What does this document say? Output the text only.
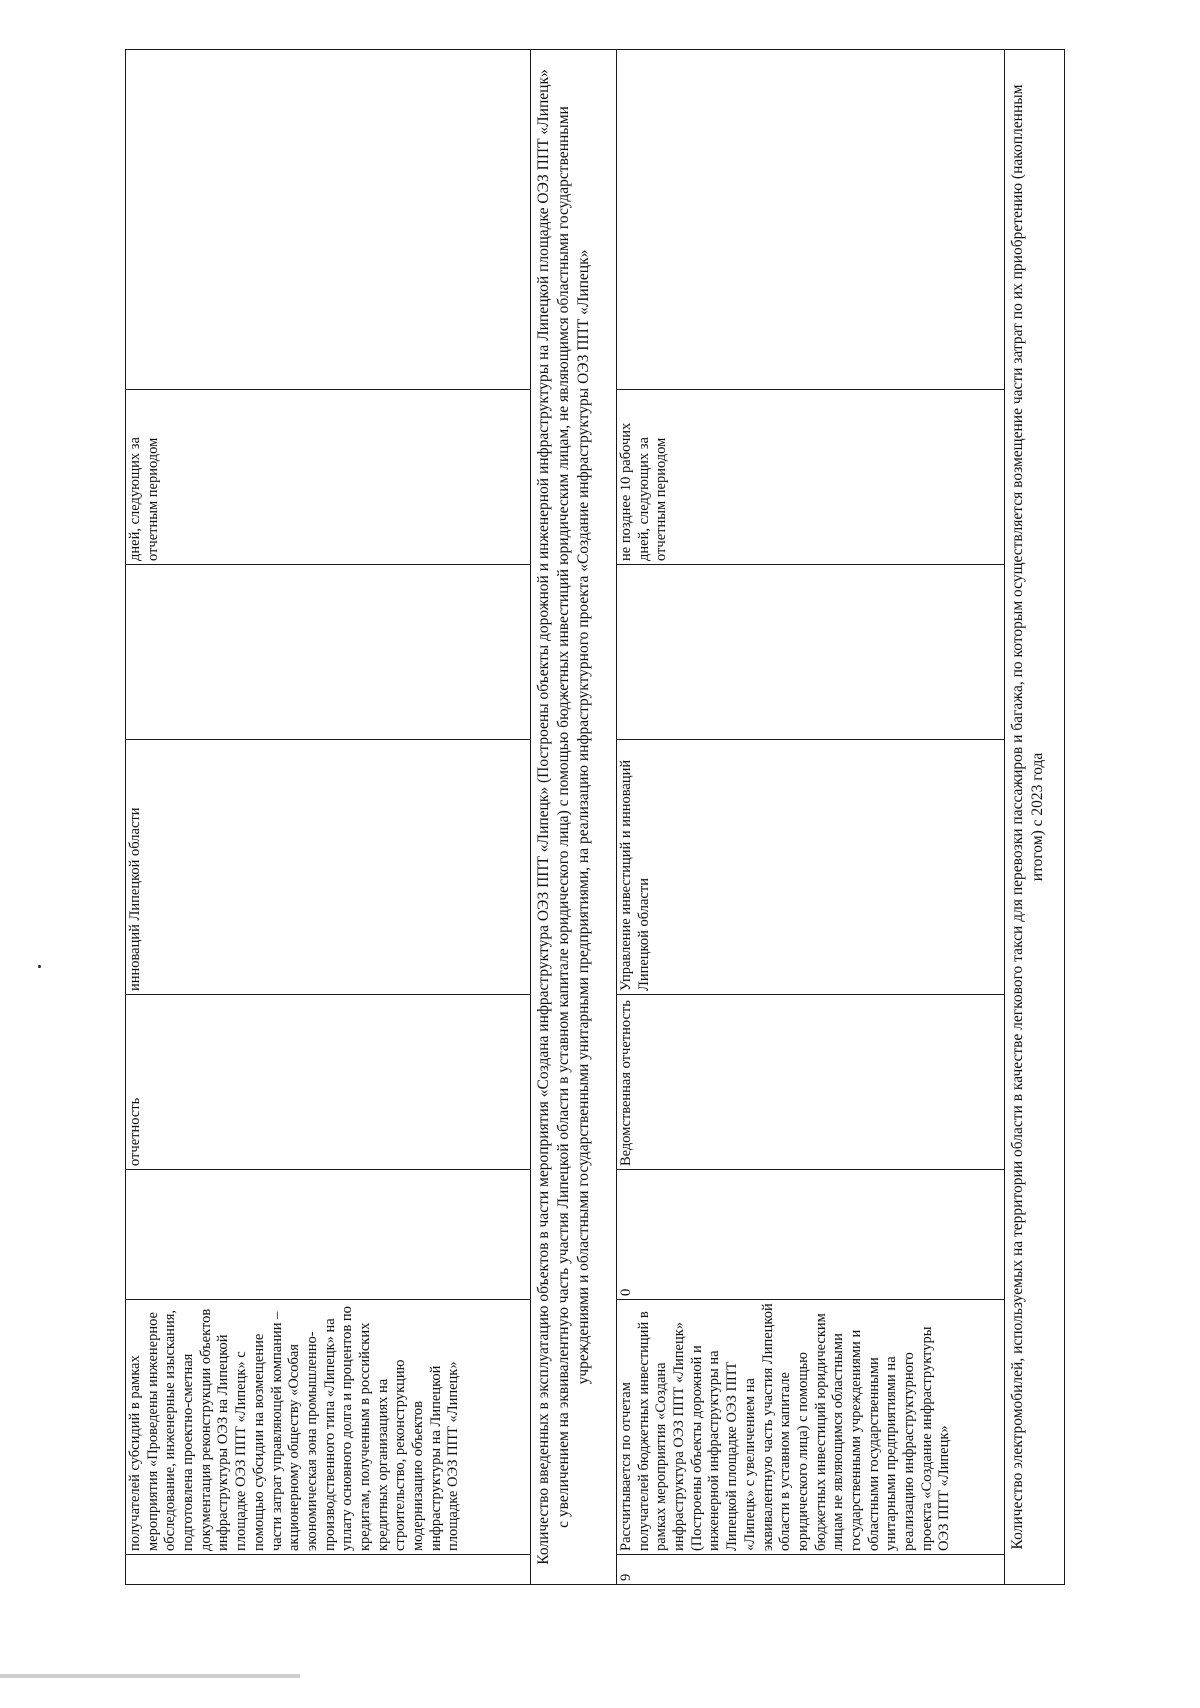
	получателей субсидий в рамках мероприятия «Проведены инженерное обследование, инженерные изыскания, подготовлена проектно-сметная документация реконструкции объектов инфраструктуры ОЭЗ на Липецкой площадке ОЭЗ ППТ «Липецк» с помощью субсидии на возмещение части затрат управляющей компании – акционерному обществу «Особая экономическая зона промышленно-производственного типа «Липецк» на уплату основного долга и процентов по кредитам, полученным в российских кредитных организациях на строительство, реконструкцию модернизацию объектов инфраструктуры на Липецкой площадке ОЭЗ ППТ «Липецк»		отчетность	инноваций Липецкой области		дней, следующих за отчетным периодом	
Количество введенных в эксплуатацию объектов в части мероприятия «Создана инфраструктура ОЭЗ ППТ «Липецк» (Построены объекты дорожной и инженерной инфраструктуры на Липецкой площадке ОЭЗ ППТ «Липецк» с увеличением на эквивалентную часть участия Липецкой области в уставном капитале юридического лица) с помощью бюджетных инвестиций юридическим лицам, не являющимся областными государственными учреждениями и областными государственными унитарными предприятиями, на реализацию инфраструктурного проекта «Создание инфраструктуры ОЭЗ ППТ «Липецк»							
9	Рассчитывается по отчетам получателей бюджетных инвестиций в рамках мероприятия «Создана инфраструктура ОЭЗ ППТ «Липецк» (Построены объекты дорожной и инженерной инфраструктуры на Липецкой площадке ОЭЗ ППТ «Липецк» с увеличением на эквивалентную часть участия Липецкой области в уставном капитале юридического лица) с помощью бюджетных инвестиций юридическим лицам не являющимся областными государственными учреждениями и областными государственными унитарными предприятиями на реализацию инфраструктурного проекта «Создание инфраструктуры ОЭЗ ППТ «Липецк»	0	Ведомственная отчетность	Управление инвестиций и инноваций Липецкой области		не позднее 10 рабочих дней, следующих за отчетным периодом	
Количество электромобилей, используемых на территории области в качестве легкового такси для перевозки пассажиров и багажа, по которым осуществляется возмещение части затрат по их приобретению (накопленным итогом) с 2023 года							
